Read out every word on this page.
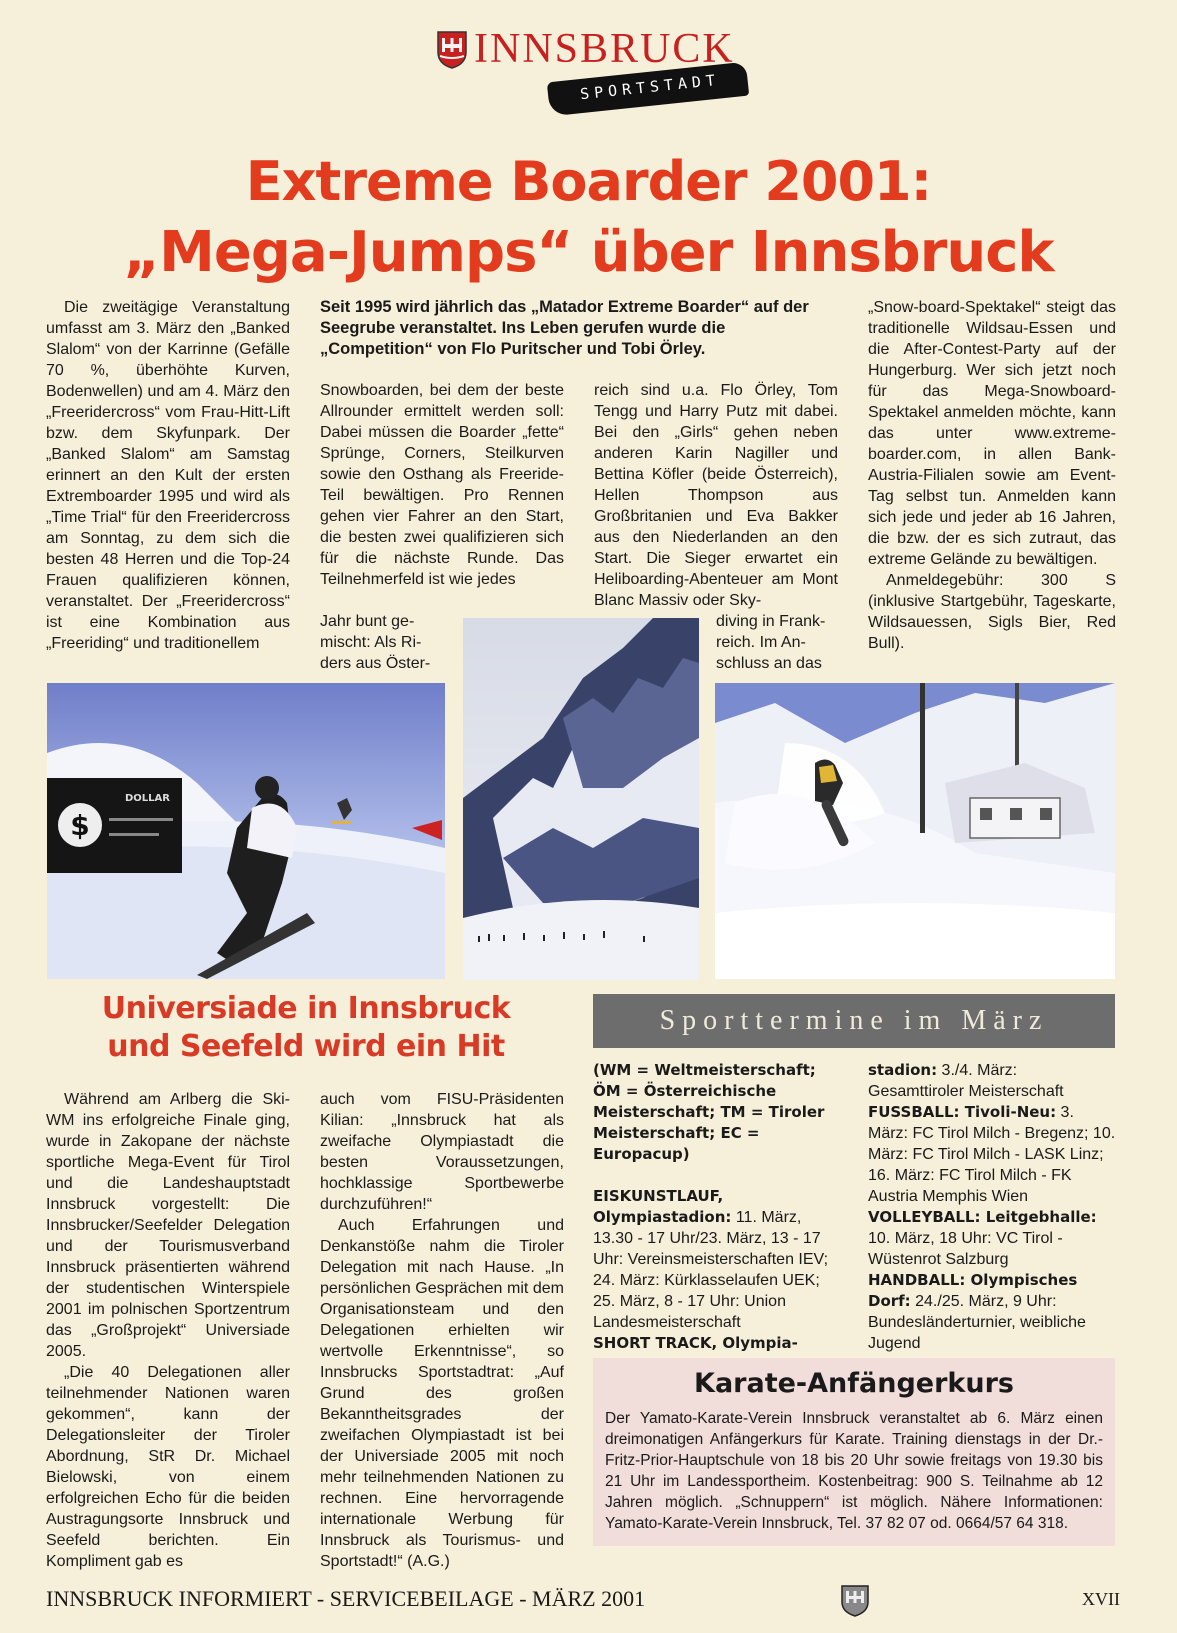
INNSBRUCK
SPORTSTADT
Extreme Boarder 2001:
„Mega-Jumps“ über Innsbruck

Die zweitägige Veranstaltung umfasst am 3. März den „Banked Slalom“ von der Karrinne (Gefälle 70 %, überhöhte Kurven, Bodenwellen) und am 4. März den „Freeridercross“ vom Frau-Hitt-Lift bzw. dem Skyfunpark. Der „Banked Slalom“ am Samstag erinnert an den Kult der ersten Extremboarder 1995 und wird als „Time Trial“ für den Freeridercross am Sonntag, zu dem sich die besten 48 Herren und die Top-24 Frauen qualifizieren können, veranstaltet. Der „Freeridercross“ ist eine Kombination aus „Freeriding“ und traditionellem

Seit 1995 wird jährlich das „Matador Extreme Boarder“ auf der Seegrube veranstaltet. Ins Leben gerufen wurde die „Competition“ von Flo Puritscher und Tobi Örley.

Snowboarden, bei dem der beste Allrounder ermittelt werden soll: Dabei müssen die Boarder „fette“ Sprünge, Corners, Steilkurven sowie den Osthang als Freeride-Teil bewältigen. Pro Rennen gehen vier Fahrer an den Start, die besten zwei qualifizieren sich für die nächste Runde. Das Teilnehmerfeld ist wie jedes

Jahr bunt ge-
mischt: Als Ri-
ders aus Öster-

reich sind u.a. Flo Örley, Tom Tengg und Harry Putz mit dabei. Bei den „Girls“ gehen neben anderen Karin Nagiller und Bettina Köfler (beide Österreich), Hellen Thompson aus Großbritanien und Eva Bakker aus den Niederlanden an den Start. Die Sieger erwartet ein Heliboarding-Abenteuer am Mont Blanc Massiv oder Sky-

diving in Frank-
reich. Im An-
schluss an das

„Snow-board-Spektakel“ steigt das traditionelle Wildsau-Essen und die After-Contest-Party auf der Hungerburg. Wer sich jetzt noch für das Mega-Snowboard-Spektakel anmelden möchte, kann das unter www.extreme-boarder.com, in allen Bank-Austria-Filialen sowie am Event-Tag selbst tun. Anmelden kann sich jede und jeder ab 16 Jahren, die bzw. der es sich zutraut, das extreme Gelände zu bewältigen.

Anmeldegebühr: 300 S (inklusive Startgebühr, Tageskarte, Wildsauessen, Sigls Bier, Red Bull).

$
DOLLAR
Universiade in Innsbruck
und Seefeld wird ein Hit

Während am Arlberg die Ski-WM ins erfolgreiche Finale ging, wurde in Zakopane der nächste sportliche Mega-Event für Tirol und die Landeshauptstadt Innsbruck vorgestellt: Die Innsbrucker/Seefelder Delegation und der Tourismusverband Innsbruck präsentierten während der studentischen Winterspiele 2001 im polnischen Sportzentrum das „Großprojekt“ Universiade 2005.

„Die 40 Delegationen aller teilnehmender Nationen waren gekommen“, kann der Delegationsleiter der Tiroler Abordnung, StR Dr. Michael Bielowski, von einem erfolgreichen Echo für die beiden Austragungsorte Innsbruck und Seefeld berichten. Ein Kompliment gab es

auch vom FISU-Präsidenten Kilian: „Innsbruck hat als zweifache Olympiastadt die besten Voraussetzungen, hochklassige Sportbewerbe durchzuführen!“

Auch Erfahrungen und Denkanstöße nahm die Tiroler Delegation mit nach Hause. „In persönlichen Gesprächen mit dem Organisationsteam und den Delegationen erhielten wir wertvolle Erkenntnisse“, so Innsbrucks Sportstadtrat: „Auf Grund des großen Bekanntheitsgrades der zweifachen Olympiastadt ist bei der Universiade 2005 mit noch mehr teilnehmenden Nationen zu rechnen. Eine hervorragende internationale Werbung für Innsbruck als Tourismus- und Sportstadt!“ (A.G.)

Sporttermine im März

(WM = Weltmeisterschaft; ÖM = Österreichische Meisterschaft; TM = Tiroler Meisterschaft; EC = Europacup)

EISKUNSTLAUF, Olympiastadion: 11. März, 13.30 - 17 Uhr/23. März, 13 - 17 Uhr: Vereinsmeisterschaften IEV; 24. März: Kürklasselaufen UEK; 25. März, 8 - 17 Uhr: Union Landesmeisterschaft

SHORT TRACK, Olympia-

stadion: 3./4. März: Gesamttiroler Meisterschaft

FUSSBALL: Tivoli-Neu: 3. März: FC Tirol Milch - Bregenz; 10. März: FC Tirol Milch - LASK Linz; 16. März: FC Tirol Milch - FK Austria Memphis Wien

VOLLEYBALL: Leitgebhalle: 10. März, 18 Uhr: VC Tirol - Wüstenrot Salzburg

HANDBALL: Olympisches Dorf: 24./25. März, 9 Uhr: Bundesländerturnier, weibliche Jugend

Karate-Anfängerkurs
Der Yamato-Karate-Verein Innsbruck veranstaltet ab 6. März einen dreimonatigen Anfängerkurs für Karate. Training dienstags in der Dr.-Fritz-Prior-Hauptschule von 18 bis 20 Uhr sowie freitags von 19.30 bis 21 Uhr im Landessportheim. Kostenbeitrag: 900 S. Teilnahme ab 12 Jahren möglich. „Schnuppern“ ist möglich. Nähere Informationen: Yamato-Karate-Verein Innsbruck, Tel. 37 82 07 od. 0664/57 64 318.
INNSBRUCK INFORMIERT - SERVICEBEILAGE - MÄRZ 2001	XVII
